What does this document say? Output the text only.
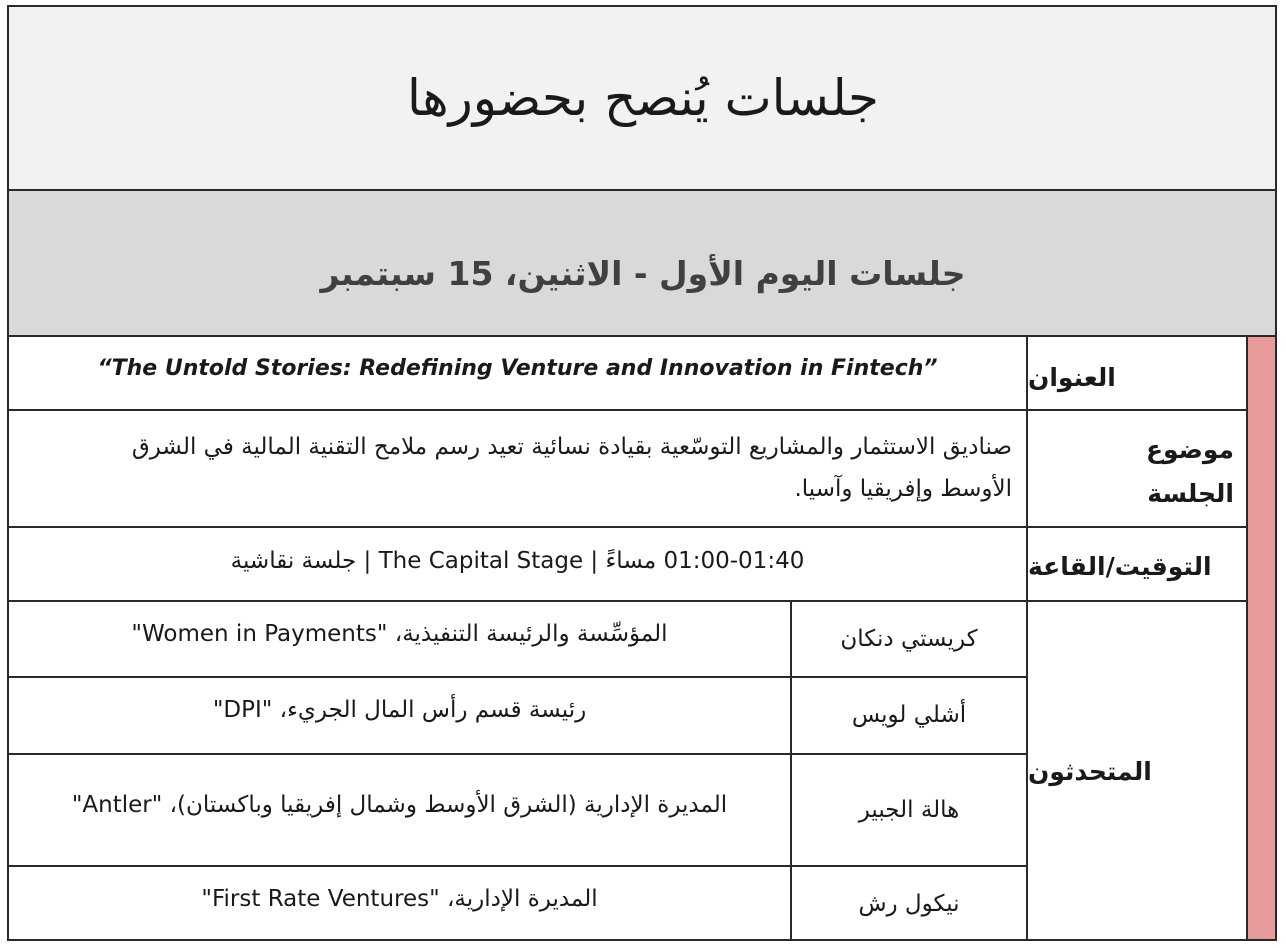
جلسات يُنصح بحضورها
جلسات اليوم الأول - الاثنين، 15 سبتمبر
العنوان
“The Untold Stories: Redefining Venture and Innovation in Fintech”
موضوع الجلسة
صناديق الاستثمار والمشاريع التوسّعية بقيادة نسائية تعيد رسم ملامح التقنية المالية في الشرق الأوسط وإفريقيا وآسيا.
التوقيت/القاعة
01:00-01:40 مساءً | The Capital Stage | جلسة نقاشية
المتحدثون
كريستي دنكان
المؤسِّسة والرئيسة التنفيذية، "Women in Payments"
أشلي لويس
رئيسة قسم رأس المال الجريء، "DPI"
هالة الجبير
المديرة الإدارية (الشرق الأوسط وشمال إفريقيا وباكستان)، "Antler"
نيكول رش
المديرة الإدارية، "First Rate Ventures"
